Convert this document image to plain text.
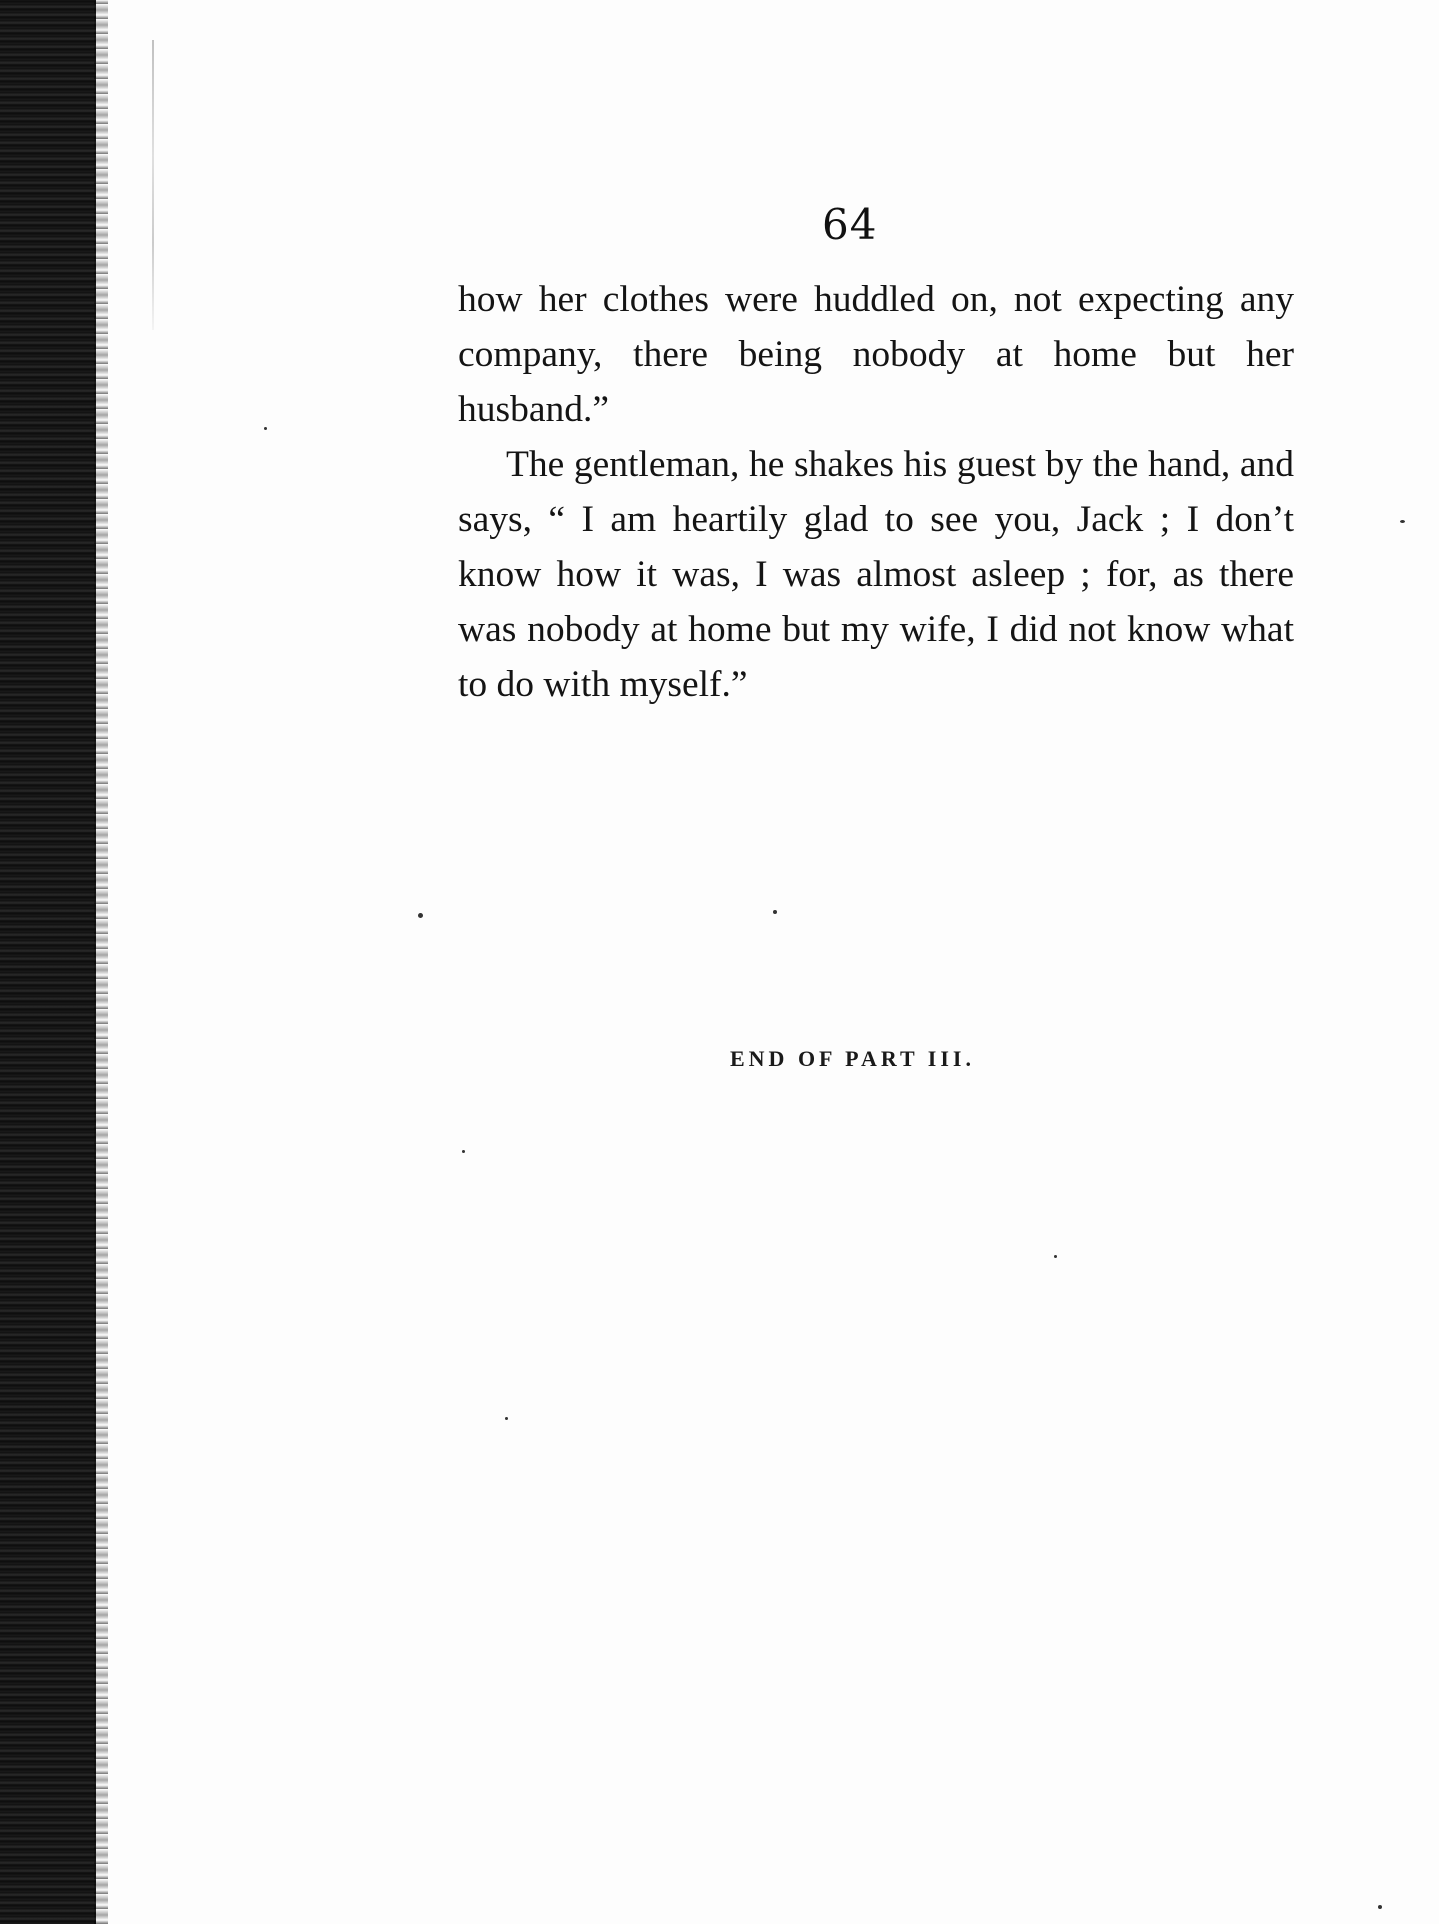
64

how her clothes were huddled on, not expecting any company, there being nobody at home but her husband.”

The gentleman, he shakes his guest by the hand, and says, “ I am heartily glad to see you, Jack ; I don’t know how it was, I was almost asleep ; for, as there was nobody at home but my wife, I did not know what to do with myself.”

END OF PART III.
